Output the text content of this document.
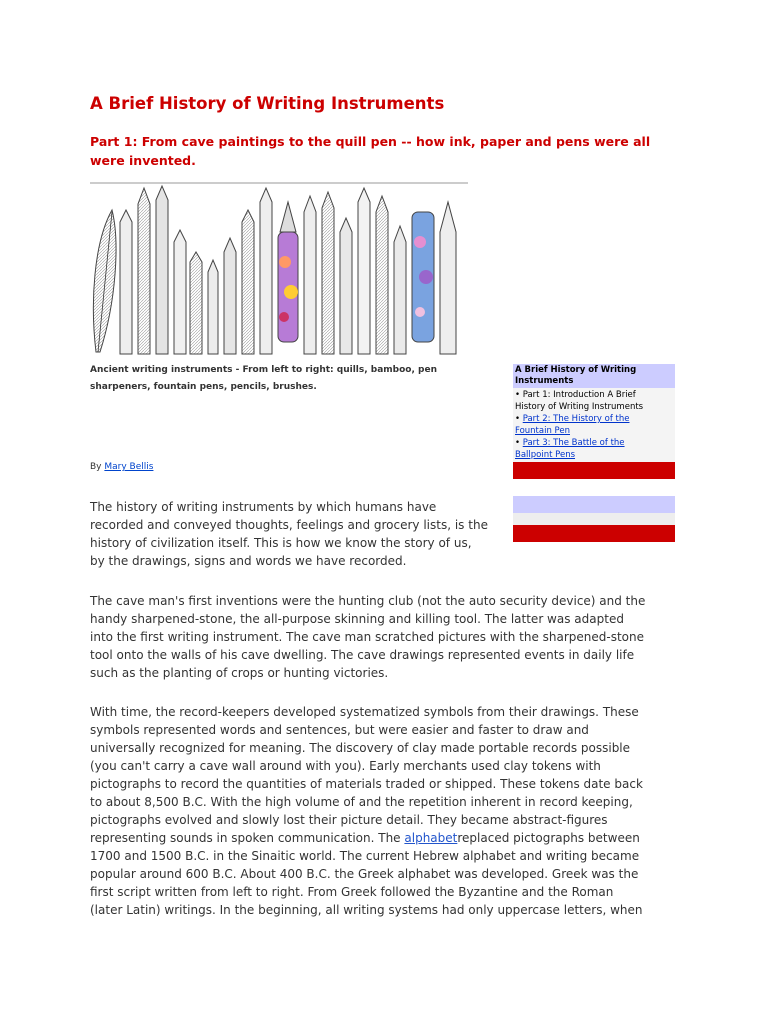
A Brief History of Writing Instruments

Part 1: From cave paintings to the quill pen -- how ink, paper and pens were all were invented.

Ancient writing instruments - From left to right: quills, bamboo, pen
sharpeners, fountain pens, pencils, brushes.
By Mary Bellis
A Brief History of Writing
Instruments
• Part 1: Introduction A Brief
History of Writing Instruments
• Part 2: The History of the
Fountain Pen
• Part 3: The Battle of the
Ballpoint Pens
The history of writing instruments by which humans have
recorded and conveyed thoughts, feelings and grocery lists, is the
history of civilization itself. This is how we know the story of us,
by the drawings, signs and words we have recorded.
The cave man's first inventions were the hunting club (not the auto security device) and the
handy sharpened-stone, the all-purpose skinning and killing tool. The latter was adapted
into the first writing instrument. The cave man scratched pictures with the sharpened-stone
tool onto the walls of his cave dwelling. The cave drawings represented events in daily life
such as the planting of crops or hunting victories.
With time, the record-keepers developed systematized symbols from their drawings. These
symbols represented words and sentences, but were easier and faster to draw and
universally recognized for meaning. The discovery of clay made portable records possible
(you can't carry a cave wall around with you). Early merchants used clay tokens with
pictographs to record the quantities of materials traded or shipped. These tokens date back
to about 8,500 B.C. With the high volume of and the repetition inherent in record keeping,
pictographs evolved and slowly lost their picture detail. They became abstract-figures
representing sounds in spoken communication. The alphabetreplaced pictographs between
1700 and 1500 B.C. in the Sinaitic world. The current Hebrew alphabet and writing became
popular around 600 B.C. About 400 B.C. the Greek alphabet was developed. Greek was the
first script written from left to right. From Greek followed the Byzantine and the Roman
(later Latin) writings. In the beginning, all writing systems had only uppercase letters, when
